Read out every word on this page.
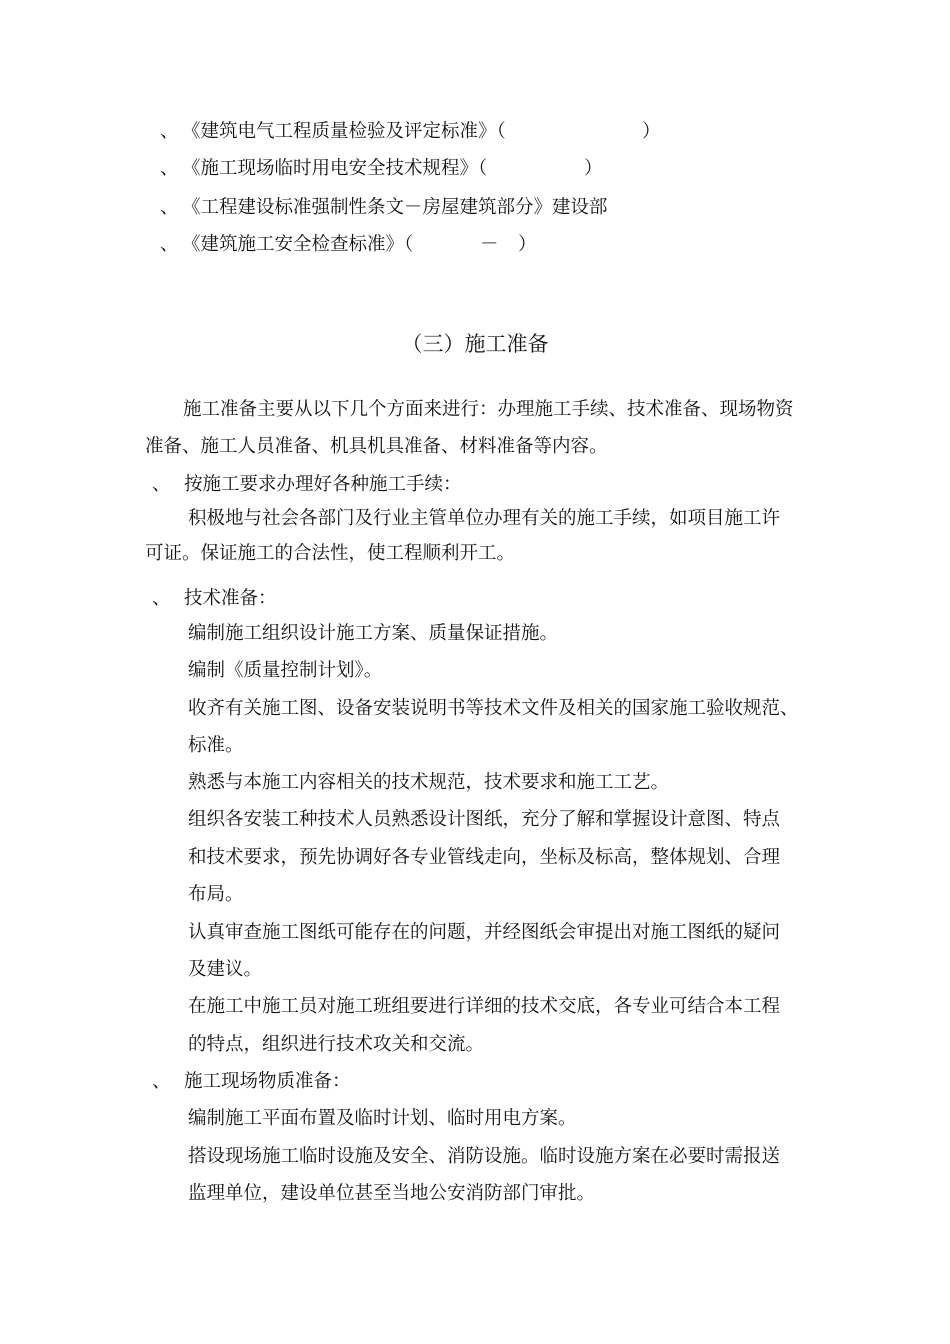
、 《建筑电气工程质量检验及评定标准》（	）
、 《施工现场临时用电安全技术规程》（	）
、 《工程建设标准强制性条文－房屋建筑部分》建设部
、 《建筑施工安全检查标准》（	－ ）
（三）施工准备
施工准备主要从以下几个方面来进行：办理施工手续、技术准备、现场物资
准备、施工人员准备、机具机具准备、材料准备等内容。
、 按施工要求办理好各种施工手续：
积极地与社会各部门及行业主管单位办理有关的施工手续，如项目施工许
可证。保证施工的合法性，使工程顺利开工。
、 技术准备：
编制施工组织设计施工方案、质量保证措施。
编制《质量控制计划》。
收齐有关施工图、设备安装说明书等技术文件及相关的国家施工验收规范、
标准。
熟悉与本施工内容相关的技术规范，技术要求和施工工艺。
组织各安装工种技术人员熟悉设计图纸，充分了解和掌握设计意图、特点
和技术要求，预先协调好各专业管线走向，坐标及标高，整体规划、合理
布局。
认真审查施工图纸可能存在的问题，并经图纸会审提出对施工图纸的疑问
及建议。
在施工中施工员对施工班组要进行详细的技术交底，各专业可结合本工程
的特点，组织进行技术攻关和交流。
、 施工现场物质准备：
编制施工平面布置及临时计划、临时用电方案。
搭设现场施工临时设施及安全、消防设施。临时设施方案在必要时需报送
监理单位，建设单位甚至当地公安消防部门审批。
